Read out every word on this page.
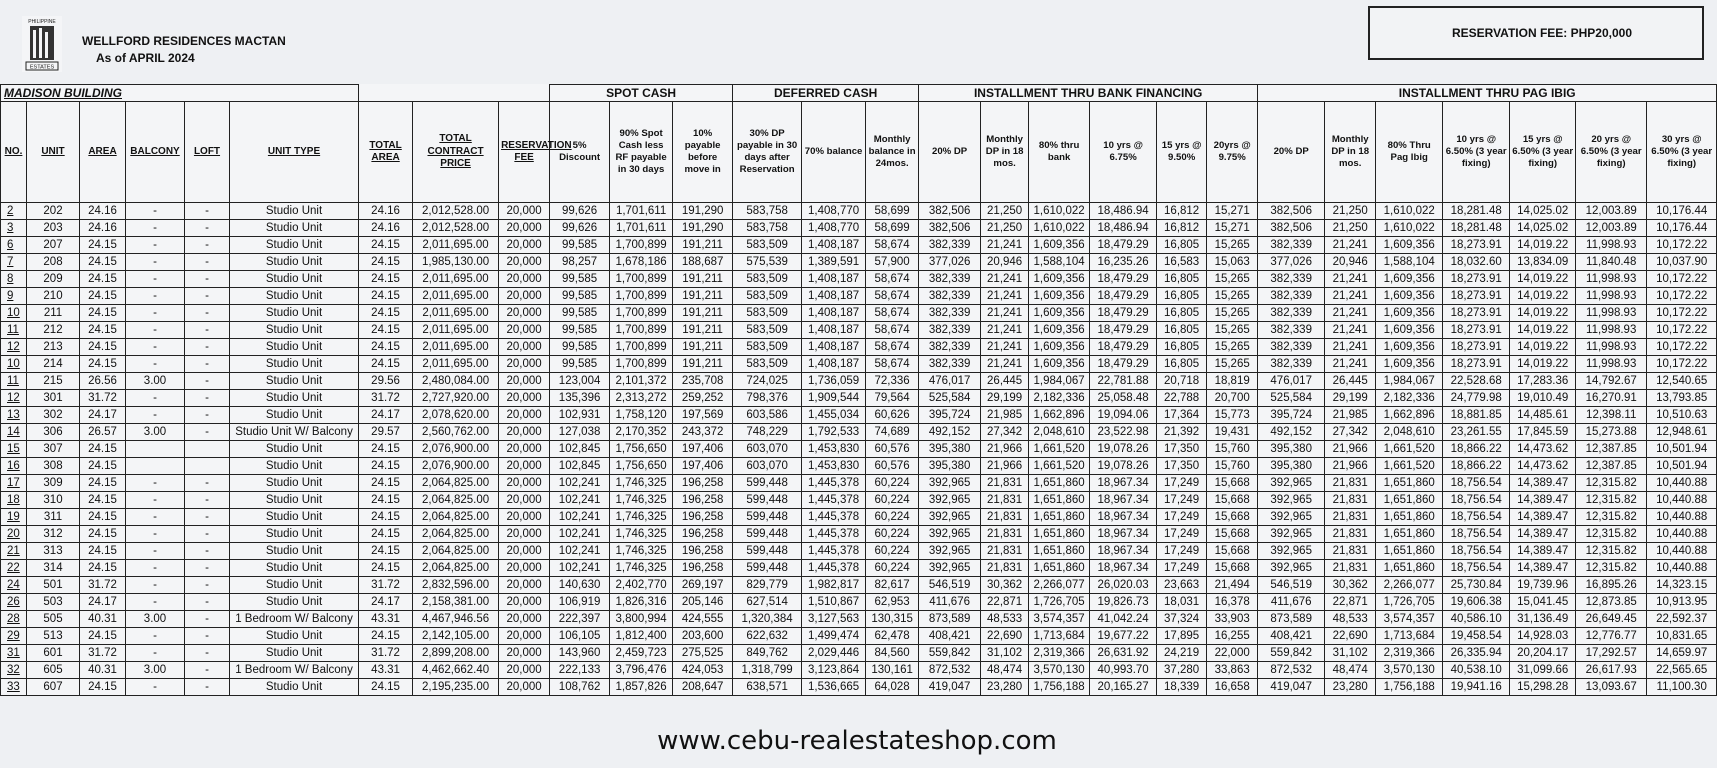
PHILIPPINE
ESTATES
WELLFORD RESIDENCES MACTAN
As of APRIL 2024
RESERVATION FEE: PHP20,000
MADISON BUILDING									SPOT CASH			DEFERRED CASH			INSTALLMENT THRU BANK FINANCING						INSTALLMENT THRU PAG IBIG						
NO.	UNIT	AREA	BALCONY	LOFT	UNIT TYPE	TOTAL AREA	TOTAL CONTRACT PRICE	RESERVATION FEE	5% Discount	90% Spot Cash less RF payable in 30 days	10% payable before move in	30% DP payable in 30 days after Reservation	70% balance	Monthly balance in 24mos.	20% DP	Monthly DP in 18 mos.	80% thru bank	10 yrs @ 6.75%	15 yrs @ 9.50%	20yrs @ 9.75%	20% DP	Monthly DP in 18 mos.	80% Thru Pag Ibig	10 yrs @ 6.50% (3 year fixing)	15 yrs @ 6.50% (3 year fixing)	20 yrs @ 6.50% (3 year fixing)	30 yrs @ 6.50% (3 year fixing)
2	202	24.16	-	-	Studio Unit	24.16	2,012,528.00	20,000	99,626	1,701,611	191,290	583,758	1,408,770	58,699	382,506	21,250	1,610,022	18,486.94	16,812	15,271	382,506	21,250	1,610,022	18,281.48	14,025.02	12,003.89	10,176.44
3	203	24.16	-	-	Studio Unit	24.16	2,012,528.00	20,000	99,626	1,701,611	191,290	583,758	1,408,770	58,699	382,506	21,250	1,610,022	18,486.94	16,812	15,271	382,506	21,250	1,610,022	18,281.48	14,025.02	12,003.89	10,176.44
6	207	24.15	-	-	Studio Unit	24.15	2,011,695.00	20,000	99,585	1,700,899	191,211	583,509	1,408,187	58,674	382,339	21,241	1,609,356	18,479.29	16,805	15,265	382,339	21,241	1,609,356	18,273.91	14,019.22	11,998.93	10,172.22
7	208	24.15	-	-	Studio Unit	24.15	1,985,130.00	20,000	98,257	1,678,186	188,687	575,539	1,389,591	57,900	377,026	20,946	1,588,104	16,235.26	16,583	15,063	377,026	20,946	1,588,104	18,032.60	13,834.09	11,840.48	10,037.90
8	209	24.15	-	-	Studio Unit	24.15	2,011,695.00	20,000	99,585	1,700,899	191,211	583,509	1,408,187	58,674	382,339	21,241	1,609,356	18,479.29	16,805	15,265	382,339	21,241	1,609,356	18,273.91	14,019.22	11,998.93	10,172.22
9	210	24.15	-	-	Studio Unit	24.15	2,011,695.00	20,000	99,585	1,700,899	191,211	583,509	1,408,187	58,674	382,339	21,241	1,609,356	18,479.29	16,805	15,265	382,339	21,241	1,609,356	18,273.91	14,019.22	11,998.93	10,172.22
10	211	24.15	-	-	Studio Unit	24.15	2,011,695.00	20,000	99,585	1,700,899	191,211	583,509	1,408,187	58,674	382,339	21,241	1,609,356	18,479.29	16,805	15,265	382,339	21,241	1,609,356	18,273.91	14,019.22	11,998.93	10,172.22
11	212	24.15	-	-	Studio Unit	24.15	2,011,695.00	20,000	99,585	1,700,899	191,211	583,509	1,408,187	58,674	382,339	21,241	1,609,356	18,479.29	16,805	15,265	382,339	21,241	1,609,356	18,273.91	14,019.22	11,998.93	10,172.22
12	213	24.15	-	-	Studio Unit	24.15	2,011,695.00	20,000	99,585	1,700,899	191,211	583,509	1,408,187	58,674	382,339	21,241	1,609,356	18,479.29	16,805	15,265	382,339	21,241	1,609,356	18,273.91	14,019.22	11,998.93	10,172.22
10	214	24.15	-	-	Studio Unit	24.15	2,011,695.00	20,000	99,585	1,700,899	191,211	583,509	1,408,187	58,674	382,339	21,241	1,609,356	18,479.29	16,805	15,265	382,339	21,241	1,609,356	18,273.91	14,019.22	11,998.93	10,172.22
11	215	26.56	3.00	-	Studio Unit	29.56	2,480,084.00	20,000	123,004	2,101,372	235,708	724,025	1,736,059	72,336	476,017	26,445	1,984,067	22,781.88	20,718	18,819	476,017	26,445	1,984,067	22,528.68	17,283.36	14,792.67	12,540.65
12	301	31.72	-	-	Studio Unit	31.72	2,727,920.00	20,000	135,396	2,313,272	259,252	798,376	1,909,544	79,564	525,584	29,199	2,182,336	25,058.48	22,788	20,700	525,584	29,199	2,182,336	24,779.98	19,010.49	16,270.91	13,793.85
13	302	24.17	-	-	Studio Unit	24.17	2,078,620.00	20,000	102,931	1,758,120	197,569	603,586	1,455,034	60,626	395,724	21,985	1,662,896	19,094.06	17,364	15,773	395,724	21,985	1,662,896	18,881.85	14,485.61	12,398.11	10,510.63
14	306	26.57	3.00	-	Studio Unit W/ Balcony	29.57	2,560,762.00	20,000	127,038	2,170,352	243,372	748,229	1,792,533	74,689	492,152	27,342	2,048,610	23,522.98	21,392	19,431	492,152	27,342	2,048,610	23,261.55	17,845.59	15,273.88	12,948.61
15	307	24.15			Studio Unit	24.15	2,076,900.00	20,000	102,845	1,756,650	197,406	603,070	1,453,830	60,576	395,380	21,966	1,661,520	19,078.26	17,350	15,760	395,380	21,966	1,661,520	18,866.22	14,473.62	12,387.85	10,501.94
16	308	24.15			Studio Unit	24.15	2,076,900.00	20,000	102,845	1,756,650	197,406	603,070	1,453,830	60,576	395,380	21,966	1,661,520	19,078.26	17,350	15,760	395,380	21,966	1,661,520	18,866.22	14,473.62	12,387.85	10,501.94
17	309	24.15	-	-	Studio Unit	24.15	2,064,825.00	20,000	102,241	1,746,325	196,258	599,448	1,445,378	60,224	392,965	21,831	1,651,860	18,967.34	17,249	15,668	392,965	21,831	1,651,860	18,756.54	14,389.47	12,315.82	10,440.88
18	310	24.15	-	-	Studio Unit	24.15	2,064,825.00	20,000	102,241	1,746,325	196,258	599,448	1,445,378	60,224	392,965	21,831	1,651,860	18,967.34	17,249	15,668	392,965	21,831	1,651,860	18,756.54	14,389.47	12,315.82	10,440.88
19	311	24.15	-	-	Studio Unit	24.15	2,064,825.00	20,000	102,241	1,746,325	196,258	599,448	1,445,378	60,224	392,965	21,831	1,651,860	18,967.34	17,249	15,668	392,965	21,831	1,651,860	18,756.54	14,389.47	12,315.82	10,440.88
20	312	24.15	-	-	Studio Unit	24.15	2,064,825.00	20,000	102,241	1,746,325	196,258	599,448	1,445,378	60,224	392,965	21,831	1,651,860	18,967.34	17,249	15,668	392,965	21,831	1,651,860	18,756.54	14,389.47	12,315.82	10,440.88
21	313	24.15	-	-	Studio Unit	24.15	2,064,825.00	20,000	102,241	1,746,325	196,258	599,448	1,445,378	60,224	392,965	21,831	1,651,860	18,967.34	17,249	15,668	392,965	21,831	1,651,860	18,756.54	14,389.47	12,315.82	10,440.88
22	314	24.15	-	-	Studio Unit	24.15	2,064,825.00	20,000	102,241	1,746,325	196,258	599,448	1,445,378	60,224	392,965	21,831	1,651,860	18,967.34	17,249	15,668	392,965	21,831	1,651,860	18,756.54	14,389.47	12,315.82	10,440.88
24	501	31.72	-	-	Studio Unit	31.72	2,832,596.00	20,000	140,630	2,402,770	269,197	829,779	1,982,817	82,617	546,519	30,362	2,266,077	26,020.03	23,663	21,494	546,519	30,362	2,266,077	25,730.84	19,739.96	16,895.26	14,323.15
26	503	24.17	-	-	Studio Unit	24.17	2,158,381.00	20,000	106,919	1,826,316	205,146	627,514	1,510,867	62,953	411,676	22,871	1,726,705	19,826.73	18,031	16,378	411,676	22,871	1,726,705	19,606.38	15,041.45	12,873.85	10,913.95
28	505	40.31	3.00	-	1 Bedroom W/ Balcony	43.31	4,467,946.56	20,000	222,397	3,800,994	424,555	1,320,384	3,127,563	130,315	873,589	48,533	3,574,357	41,042.24	37,324	33,903	873,589	48,533	3,574,357	40,586.10	31,136.49	26,649.45	22,592.37
29	513	24.15	-	-	Studio Unit	24.15	2,142,105.00	20,000	106,105	1,812,400	203,600	622,632	1,499,474	62,478	408,421	22,690	1,713,684	19,677.22	17,895	16,255	408,421	22,690	1,713,684	19,458.54	14,928.03	12,776.77	10,831.65
31	601	31.72	-	-	Studio Unit	31.72	2,899,208.00	20,000	143,960	2,459,723	275,525	849,762	2,029,446	84,560	559,842	31,102	2,319,366	26,631.92	24,219	22,000	559,842	31,102	2,319,366	26,335.94	20,204.17	17,292.57	14,659.97
32	605	40.31	3.00	-	1 Bedroom W/ Balcony	43.31	4,462,662.40	20,000	222,133	3,796,476	424,053	1,318,799	3,123,864	130,161	872,532	48,474	3,570,130	40,993.70	37,280	33,863	872,532	48,474	3,570,130	40,538.10	31,099.66	26,617.93	22,565.65
33	607	24.15	-	-	Studio Unit	24.15	2,195,235.00	20,000	108,762	1,857,826	208,647	638,571	1,536,665	64,028	419,047	23,280	1,756,188	20,165.27	18,339	16,658	419,047	23,280	1,756,188	19,941.16	15,298.28	13,093.67	11,100.30
www.cebu-realestateshop.com
